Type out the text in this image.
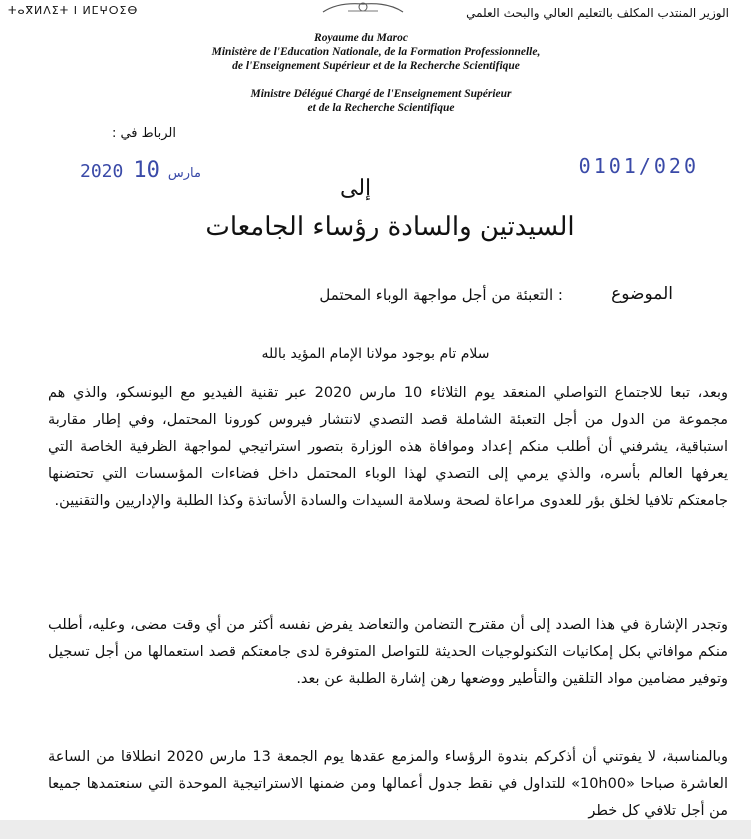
ⵜⴰⴳⵍⴷⵉⵜ ⵏ ⵍⵎⵖⵔⵉⴱ	الوزير المنتدب المكلف بالتعليم العالي والبحث العلمي
Royaume du Maroc
Ministère de l'Education Nationale, de la Formation Professionnelle,
de l'Enseignement Supérieur et de la Recherche Scientifique
Ministre Délégué Chargé de l'Enseignement Supérieur
et de la Recherche Scientifique
الرباط في :
2020	مارس10	0101/020
إلى
السيدتين والسادة رؤساء الجامعات
الموضوع
: التعبئة من أجل مواجهة الوباء المحتمل
سلام تام بوجود مولانا الإمام المؤيد بالله
وبعد، تبعا للاجتماع التواصلي المنعقد يوم الثلاثاء 10 مارس 2020 عبر تقنية الفيديو مع اليونسكو، والذي هم مجموعة من الدول من أجل التعبئة الشاملة قصد التصدي لانتشار فيروس كورونا المحتمل، وفي إطار مقاربة استباقية، يشرفني أن أطلب منكم إعداد وموافاة هذه الوزارة بتصور استراتيجي لمواجهة الظرفية الخاصة التي يعرفها العالم بأسره، والذي يرمي إلى التصدي لهذا الوباء المحتمل داخل فضاءات المؤسسات التي تحتضنها جامعتكم تلافيا لخلق بؤر للعدوى مراعاة لصحة وسلامة السيدات والسادة الأساتذة وكذا الطلبة والإداريين والتقنيين.
وتجدر الإشارة في هذا الصدد إلى أن مقترح التضامن والتعاضد يفرض نفسه أكثر من أي وقت مضى، وعليه، أطلب منكم موافاتي بكل إمكانيات التكنولوجيات الحديثة للتواصل المتوفرة لدى جامعتكم قصد استعمالها من أجل تسجيل وتوفير مضامين مواد التلقين والتأطير ووضعها رهن إشارة الطلبة عن بعد.
وبالمناسبة، لا يفوتني أن أذكركم بندوة الرؤساء والمزمع عقدها يوم الجمعة 13 مارس 2020 انطلاقا من الساعة العاشرة صباحا «10h00» للتداول في نقط جدول أعمالها ومن ضمنها الاستراتيجية الموحدة التي سنعتمدها جميعا من أجل تلافي كل خطر
